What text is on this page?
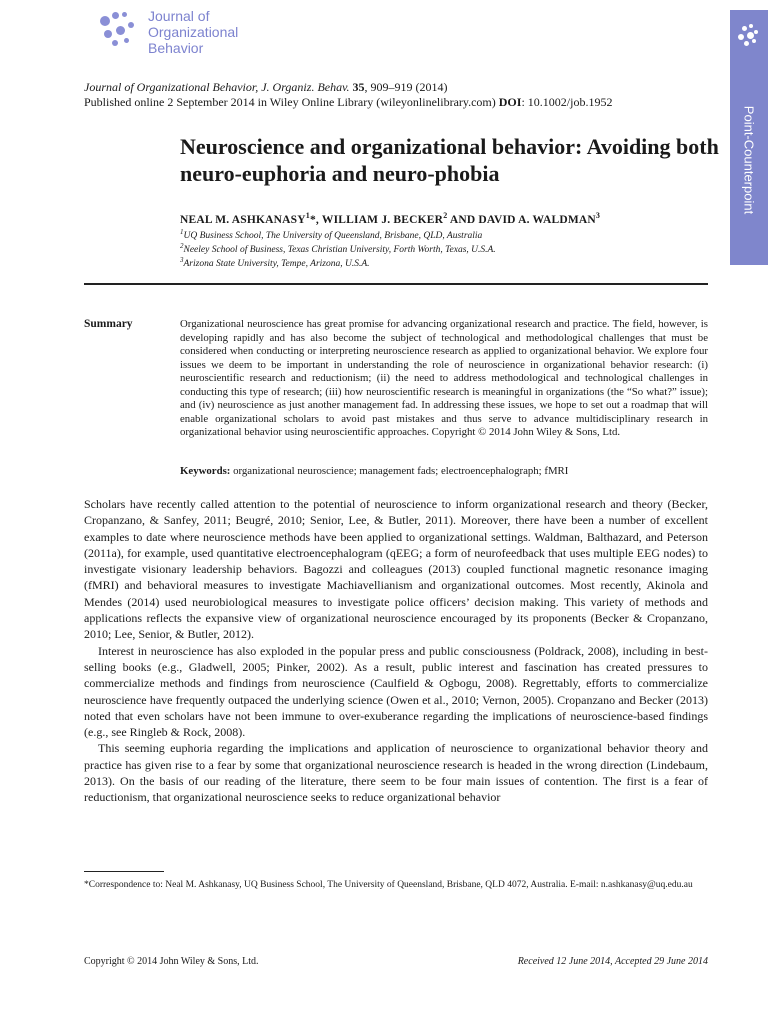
Journal of
Organizational
Behavior
Point-Counterpoint
Journal of Organizational Behavior, J. Organiz. Behav. 35, 909–919 (2014)
Published online 2 September 2014 in Wiley Online Library (wileyonlinelibrary.com) DOI: 10.1002/job.1952
Neuroscience and organizational behavior: Avoiding both neuro-euphoria and neuro-phobia
NEAL M. ASHKANASY$^1$*, WILLIAM J. BECKER$^2$ AND DAVID A. WALDMAN$^3$
$^1$UQ Business School, The University of Queensland, Brisbane, QLD, Australia
$^2$Neeley School of Business, Texas Christian University, Forth Worth, Texas, U.S.A.
$^3$Arizona State University, Tempe, Arizona, U.S.A.
Summary	Organizational neuroscience has great promise for advancing organizational research and practice. The field, however, is developing rapidly and has also become the subject of technological and methodological challenges that must be considered when conducting or interpreting neuroscience research as applied to organizational behavior. We explore four issues we deem to be important in understanding the role of neuroscience in organizational behavior research: (i) neuroscientific research and reductionism; (ii) the need to address methodological and technological challenges in conducting this type of research; (iii) how neuroscientific research is meaningful in organizations (the “So what?” issue); and (iv) neuroscience as just another management fad. In addressing these issues, we hope to set out a roadmap that will enable organizational scholars to avoid past mistakes and thus serve to advance multidisciplinary research in organizational behavior using neuroscientific approaches. Copyright © 2014 John Wiley & Sons, Ltd.

Keywords: organizational neuroscience; management fads; electroencephalograph; fMRI

Scholars have recently called attention to the potential of neuroscience to inform organizational research and theory (Becker, Cropanzano, & Sanfey, 2011; Beugré, 2010; Senior, Lee, & Butler, 2011). Moreover, there have been a number of excellent examples to date where neuroscience methods have been applied to organizational settings. Waldman, Balthazard, and Peterson (2011a), for example, used quantitative electroencephalogram (qEEG; a form of neurofeedback that uses multiple EEG nodes) to investigate visionary leadership behaviors. Bagozzi and colleagues (2013) coupled functional magnetic resonance imaging (fMRI) and behavioral measures to investigate Machiavellianism and organizational outcomes. Most recently, Akinola and Mendes (2014) used neurobiological measures to investigate police officers’ decision making. This variety of methods and applications reflects the expansive view of organizational neuroscience encouraged by its proponents (Becker & Cropanzano, 2010; Lee, Senior, & Butler, 2012).

Interest in neuroscience has also exploded in the popular press and public consciousness (Poldrack, 2008), including in best-selling books (e.g., Gladwell, 2005; Pinker, 2002). As a result, public interest and fascination has created pressures to commercialize methods and findings from neuroscience (Caulfield & Ogbogu, 2008). Regrettably, efforts to commercialize neuroscience have frequently outpaced the underlying science (Owen et al., 2010; Vernon, 2005). Cropanzano and Becker (2013) noted that even scholars have not been immune to over-exuberance regarding the implications of neuroscience-based findings (e.g., see Ringleb & Rock, 2008).

This seeming euphoria regarding the implications and application of neuroscience to organizational behavior theory and practice has given rise to a fear by some that organizational neuroscience research is headed in the wrong direction (Lindebaum, 2013). On the basis of our reading of the literature, there seem to be four main issues of contention. The first is a fear of reductionism, that organizational neuroscience seeks to reduce organizational behavior

*Correspondence to: Neal M. Ashkanasy, UQ Business School, The University of Queensland, Brisbane, QLD 4072, Australia. E-mail: n.ashkanasy@uq.edu.au

Copyright © 2014 John Wiley & Sons, Ltd.	Received 12 June 2014, Accepted 29 June 2014
